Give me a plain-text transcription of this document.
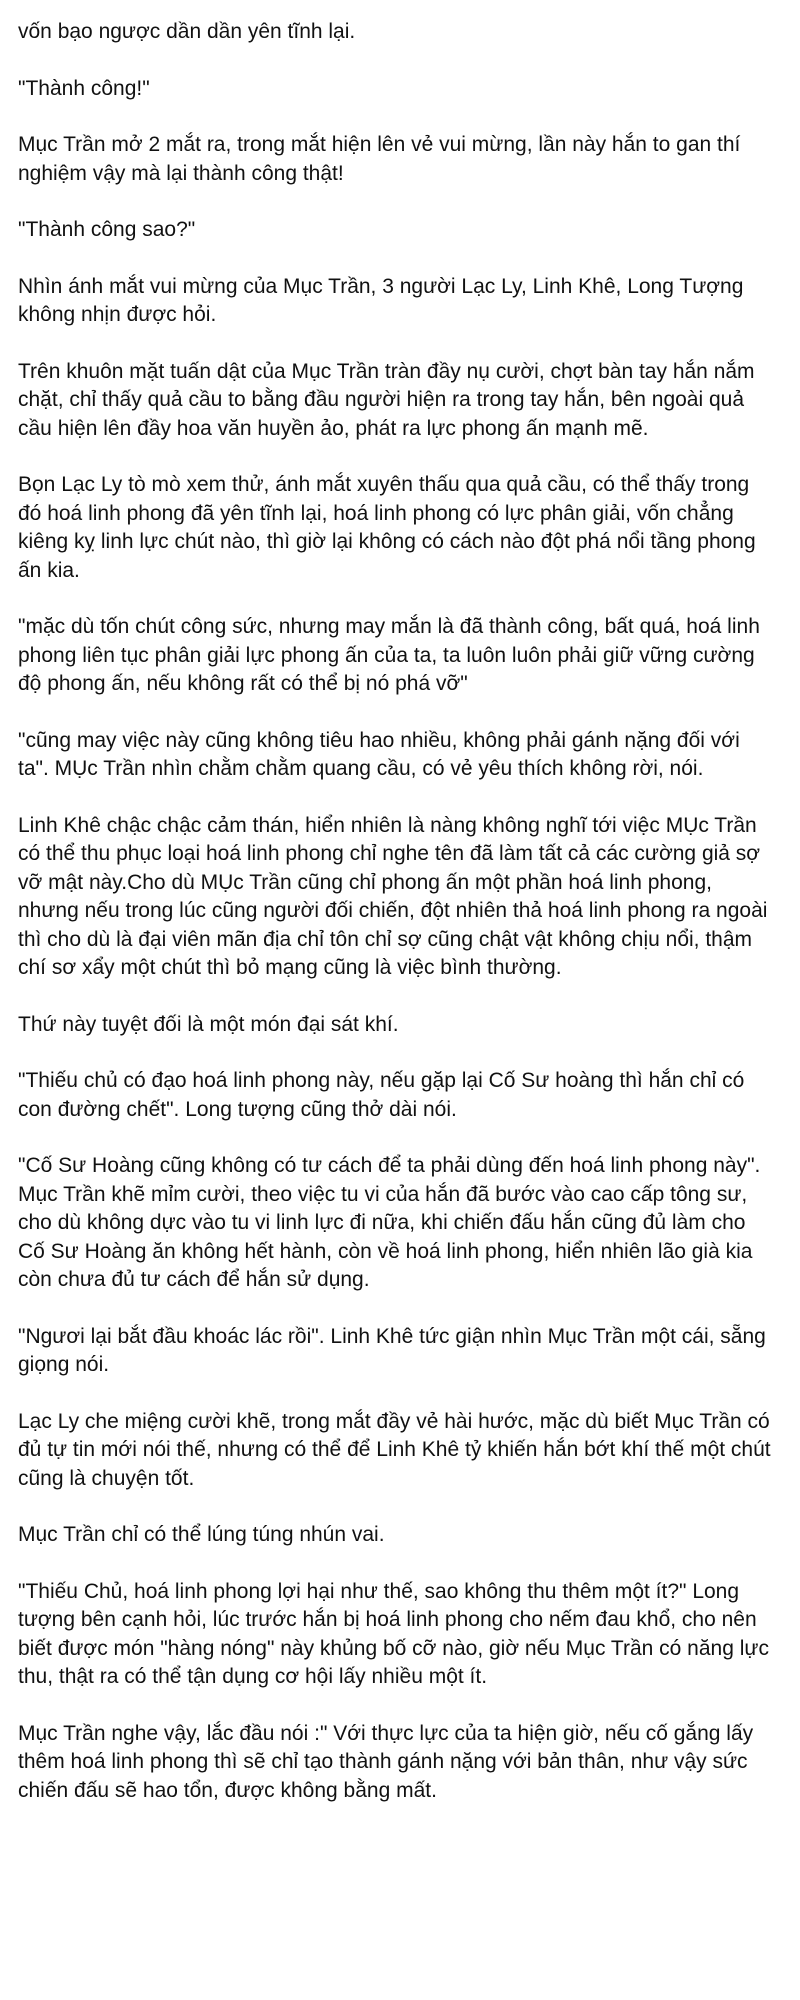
vốn bạo ngược dần dần yên tĩnh lại.

"Thành công!"

Mục Trần mở 2 mắt ra, trong mắt hiện lên vẻ vui mừng, lần này hắn to gan thí nghiệm vậy mà lại thành công thật!

"Thành công sao?"

Nhìn ánh mắt vui mừng của Mục Trần, 3 người Lạc Ly, Linh Khê, Long Tượng không nhịn được hỏi.

Trên khuôn mặt tuấn dật của Mục Trần tràn đầy nụ cười, chợt bàn tay hắn nắm chặt, chỉ thấy quả cầu to bằng đầu người hiện ra trong tay hắn, bên ngoài quả cầu hiện lên đầy hoa văn huyền ảo, phát ra lực phong ấn mạnh mẽ.

Bọn Lạc Ly tò mò xem thử, ánh mắt xuyên thấu qua quả cầu, có thể thấy trong đó hoá linh phong đã yên tĩnh lại, hoá linh phong có lực phân giải, vốn chẳng kiêng kỵ linh lực chút nào, thì giờ lại không có cách nào đột phá nổi tầng phong ấn kia.

"mặc dù tốn chút công sức, nhưng may mắn là đã thành công, bất quá, hoá linh phong liên tục phân giải lực phong ấn của ta, ta luôn luôn phải giữ vững cường độ phong ấn, nếu không rất có thể bị nó phá vỡ"

"cũng may việc này cũng không tiêu hao nhiều, không phải gánh nặng đối với ta". MỤc Trần nhìn chằm chằm quang cầu, có vẻ yêu thích không rời, nói.

Linh Khê chậc chậc cảm thán, hiển nhiên là nàng không nghĩ tới việc MỤc Trần có thể thu phục loại hoá linh phong chỉ nghe tên đã làm tất cả các cường giả sợ vỡ mật này.Cho dù MỤc Trần cũng chỉ phong ấn một phần hoá linh phong, nhưng nếu trong lúc cũng người đối chiến, đột nhiên thả hoá linh phong ra ngoài thì cho dù là đại viên mãn địa chỉ tôn chỉ sợ cũng chật vật không chịu nổi, thậm chí sơ xẩy một chút thì bỏ mạng cũng là việc bình thường.

Thứ này tuyệt đối là một món đại sát khí.

"Thiếu chủ có đạo hoá linh phong này, nếu gặp lại Cố Sư hoàng thì hắn chỉ có con đường chết". Long tượng cũng thở dài nói.

"Cố Sư Hoàng cũng không có tư cách để ta phải dùng đến hoá linh phong này". Mục Trần khẽ mỉm cười, theo việc tu vi của hắn đã bước vào cao cấp tông sư, cho dù không dực vào tu vi linh lực đi nữa, khi chiến đấu hắn cũng đủ làm cho Cố Sư Hoàng ăn không hết hành, còn về hoá linh phong, hiển nhiên lão già kia còn chưa đủ tư cách để hắn sử dụng.

"Ngươi lại bắt đầu khoác lác rồi". Linh Khê tức giận nhìn Mục Trần một cái, sẵng giọng nói.

Lạc Ly che miệng cười khẽ, trong mắt đầy vẻ hài hước, mặc dù biết Mục Trần có đủ tự tin mới nói thế, nhưng có thể để Linh Khê tỷ khiến hắn bớt khí thế một chút cũng là chuyện tốt.

Mục Trần chỉ có thể lúng túng nhún vai.

"Thiếu Chủ, hoá linh phong lợi hại như thế, sao không thu thêm một ít?" Long tượng bên cạnh hỏi, lúc trước hắn bị hoá linh phong cho nếm đau khổ, cho nên biết được món "hàng nóng" này khủng bố cỡ nào, giờ nếu Mục Trần có năng lực thu, thật ra có thể tận dụng cơ hội lấy nhiều một ít.

Mục Trần nghe vậy, lắc đầu nói :" Với thực lực của ta hiện giờ, nếu cố gắng lấy thêm hoá linh phong thì sẽ chỉ tạo thành gánh nặng với bản thân, như vậy sức chiến đấu sẽ hao tổn, được không bằng mất.
